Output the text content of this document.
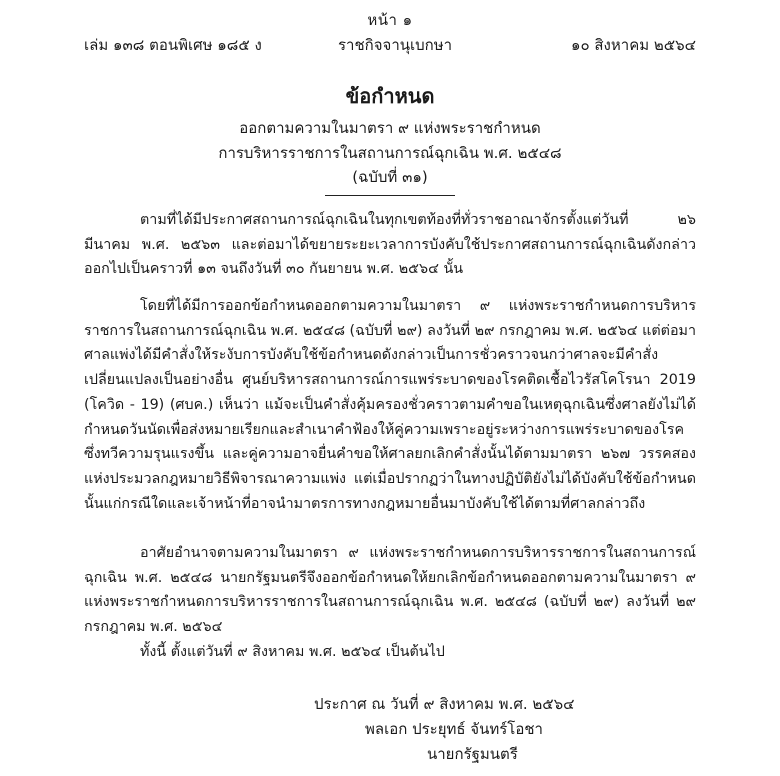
หน้า ๑
เล่ม ๑๓๘ ตอนพิเศษ ๑๘๕ ง	ราชกิจจานุเบกษา	๑๐ สิงหาคม ๒๕๖๔
ข้อกำหนด
ออกตามความในมาตรา ๙ แห่งพระราชกำหนด
การบริหารราชการในสถานการณ์ฉุกเฉิน พ.ศ. ๒๕๔๘
(ฉบับที่ ๓๑)

ตามที่ได้มีประกาศสถานการณ์ฉุกเฉินในทุกเขตท้องที่ทั่วราชอาณาจักรตั้งแต่วันที่ ๒๖ มีนาคม พ.ศ. ๒๕๖๓ และต่อมาได้ขยายระยะเวลาการบังคับใช้ประกาศสถานการณ์ฉุกเฉินดังกล่าวออกไปเป็นคราวที่ ๑๓ จนถึงวันที่ ๓๐ กันยายน พ.ศ. ๒๕๖๔ นั้น

โดยที่ได้มีการออกข้อกำหนดออกตามความในมาตรา ๙ แห่งพระราชกำหนดการบริหารราชการในสถานการณ์ฉุกเฉิน พ.ศ. ๒๕๔๘ (ฉบับที่ ๒๙) ลงวันที่ ๒๙ กรกฎาคม พ.ศ. ๒๕๖๔ แต่ต่อมาศาลแพ่งได้มีคำสั่งให้ระงับการบังคับใช้ข้อกำหนดดังกล่าวเป็นการชั่วคราวจนกว่าศาลจะมีคำสั่งเปลี่ยนแปลงเป็นอย่างอื่น ศูนย์บริหารสถานการณ์การแพร่ระบาดของโรคติดเชื้อไวรัสโคโรนา 2019 (โควิด - 19) (ศบค.) เห็นว่า แม้จะเป็นคำสั่งคุ้มครองชั่วคราวตามคำขอในเหตุฉุกเฉินซึ่งศาลยังไม่ได้กำหนดวันนัดเพื่อส่งหมายเรียกและสำเนาคำฟ้องให้คู่ความเพราะอยู่ระหว่างการแพร่ระบาดของโรคซึ่งทวีความรุนแรงขึ้น และคู่ความอาจยื่นคำขอให้ศาลยกเลิกคำสั่งนั้นได้ตามมาตรา ๒๖๗ วรรคสอง แห่งประมวลกฎหมายวิธีพิจารณาความแพ่ง แต่เมื่อปรากฏว่าในทางปฏิบัติยังไม่ได้บังคับใช้ข้อกำหนดนั้นแก่กรณีใดและเจ้าหน้าที่อาจนำมาตรการทางกฎหมายอื่นมาบังคับใช้ได้ตามที่ศาลกล่าวถึง

อาศัยอำนาจตามความในมาตรา ๙ แห่งพระราชกำหนดการบริหารราชการในสถานการณ์ฉุกเฉิน พ.ศ. ๒๕๔๘ นายกรัฐมนตรีจึงออกข้อกำหนดให้ยกเลิกข้อกำหนดออกตามความในมาตรา ๙ แห่งพระราชกำหนดการบริหารราชการในสถานการณ์ฉุกเฉิน พ.ศ. ๒๕๔๘ (ฉบับที่ ๒๙) ลงวันที่ ๒๙ กรกฎาคม พ.ศ. ๒๕๖๔

ทั้งนี้ ตั้งแต่วันที่ ๙ สิงหาคม พ.ศ. ๒๕๖๔ เป็นต้นไป

ประกาศ ณ วันที่ ๙ สิงหาคม พ.ศ. ๒๕๖๔
พลเอก ประยุทธ์ จันทร์โอชา
นายกรัฐมนตรี
